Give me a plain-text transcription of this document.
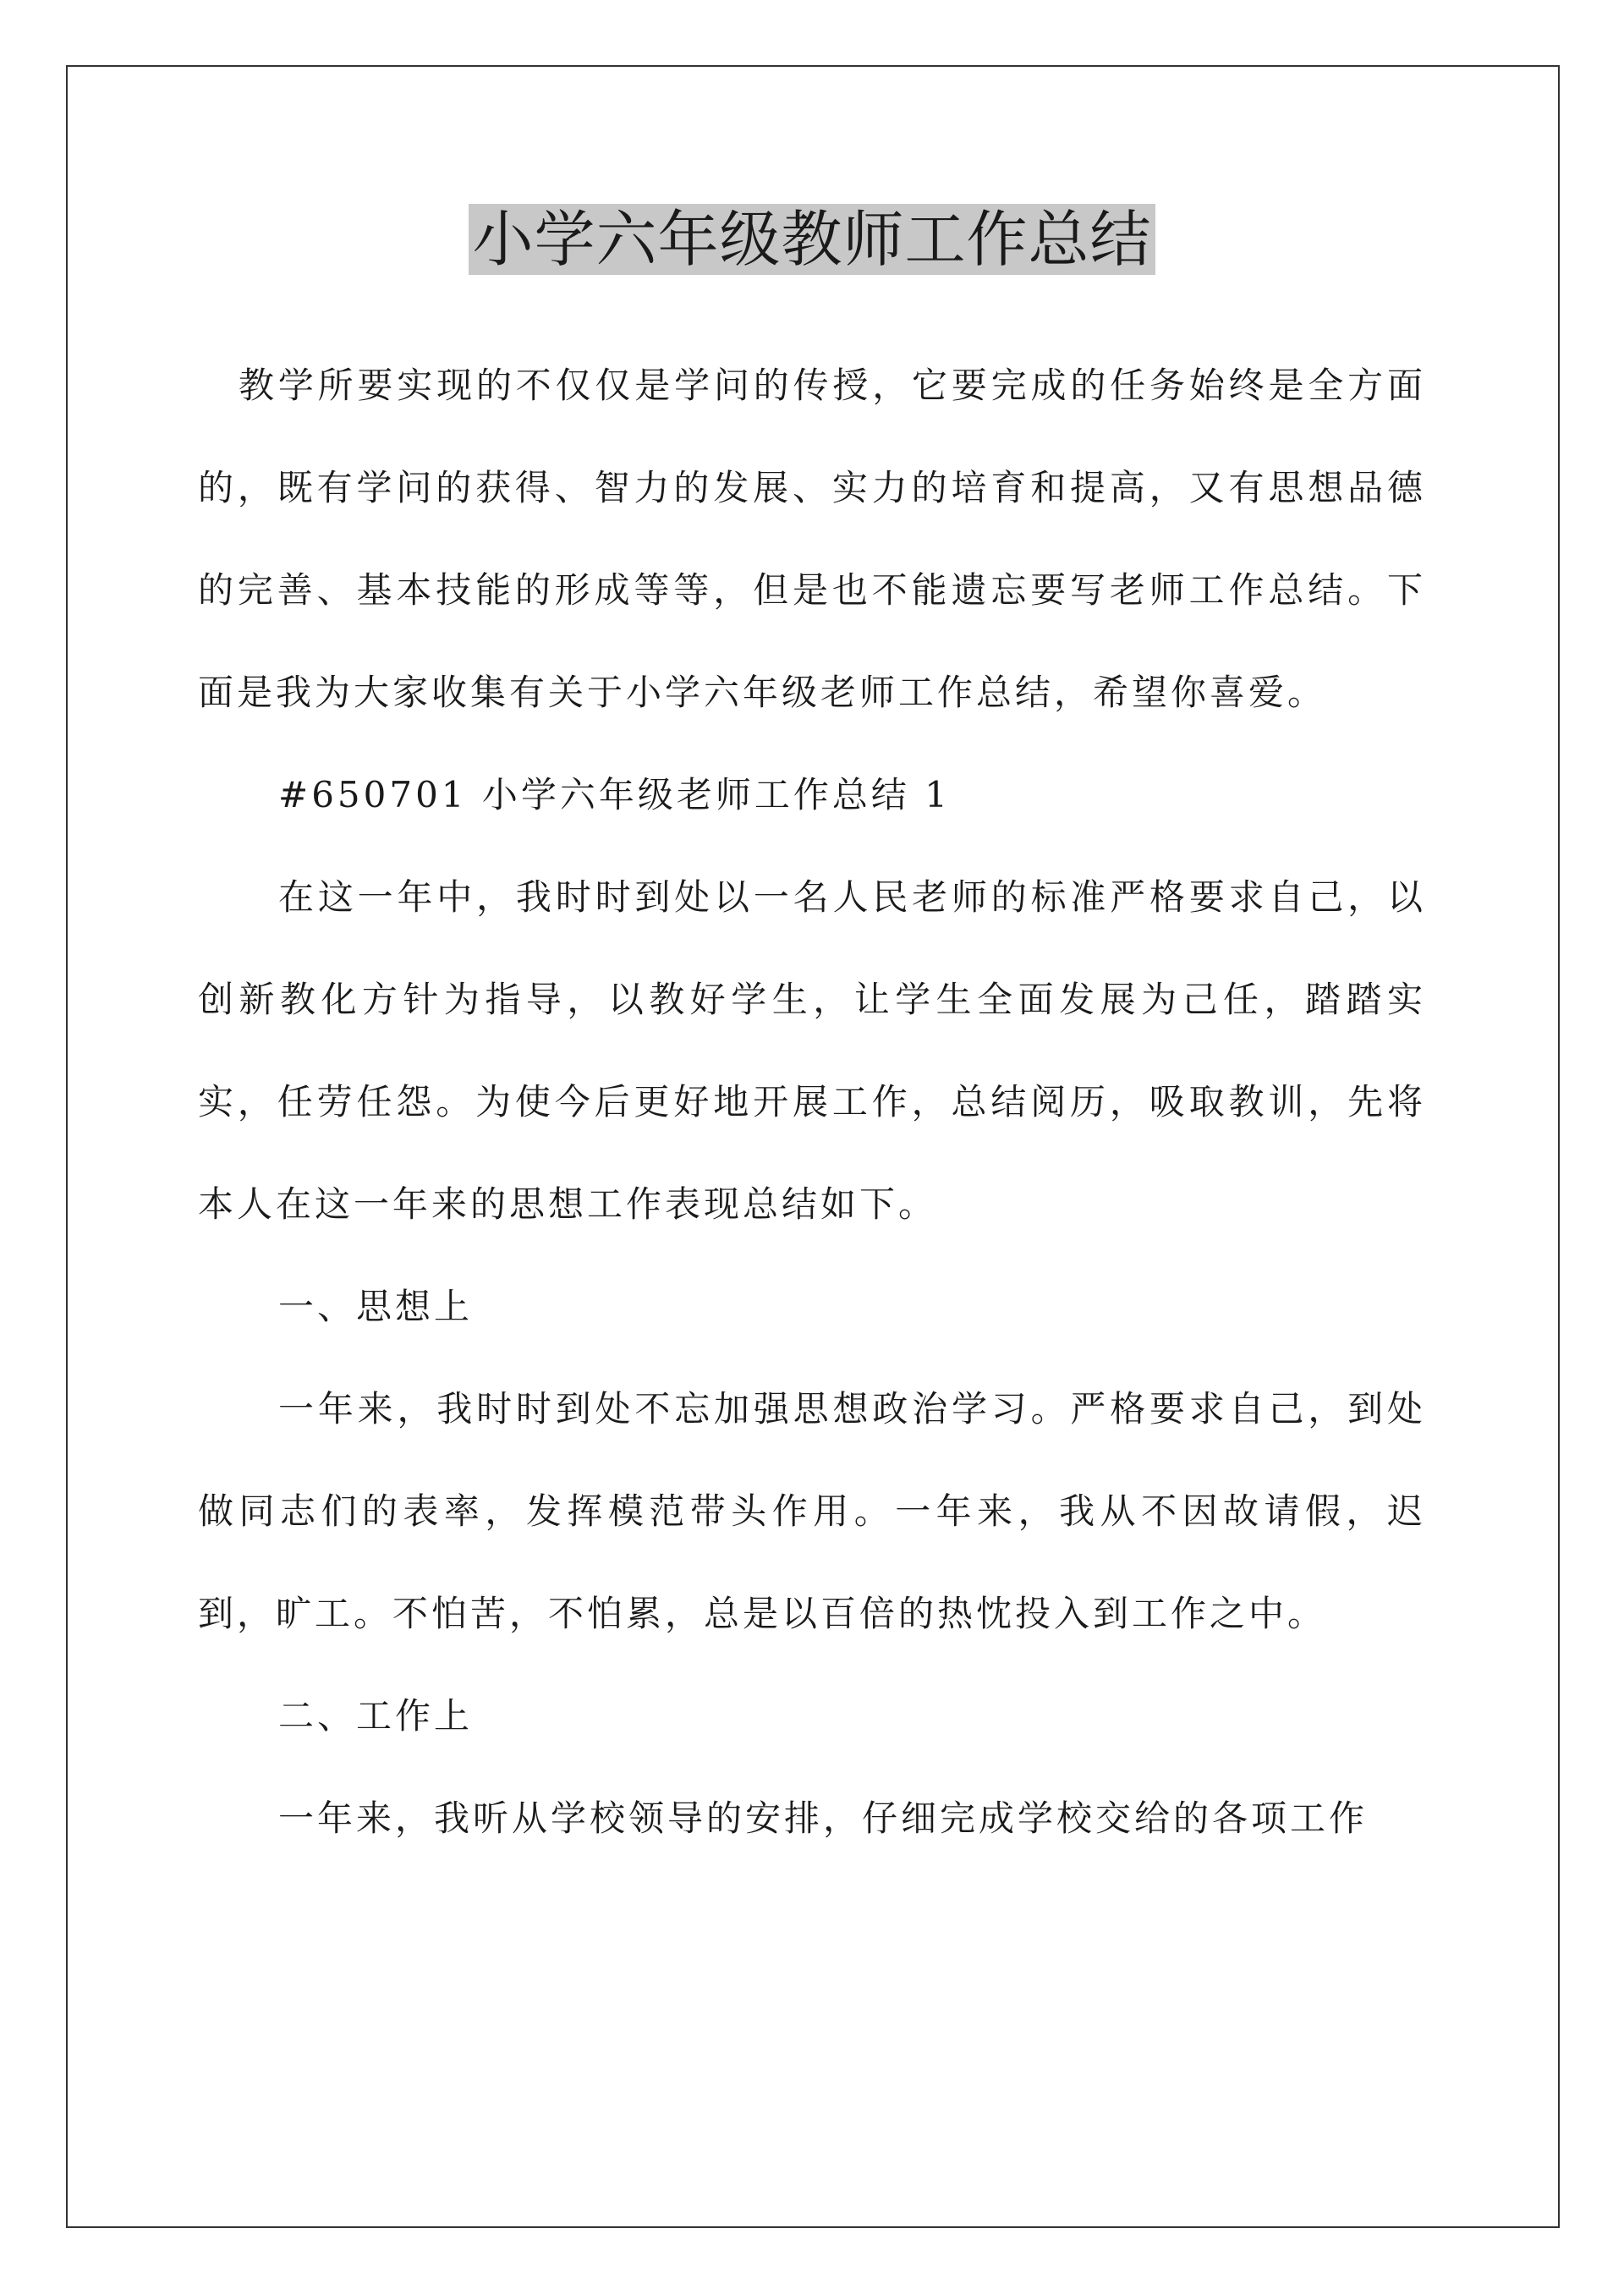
小学六年级教师工作总结

教学所要实现的不仅仅是学问的传授，它要完成的任务始终是全方面的，既有学问的获得、智力的发展、实力的培育和提高，又有思想品德的完善、基本技能的形成等等，但是也不能遗忘要写老师工作总结。下面是我为大家收集有关于小学六年级老师工作总结，希望你喜爱。

#650701 小学六年级老师工作总结 1

在这一年中，我时时到处以一名人民老师的标准严格要求自己，以创新教化方针为指导，以教好学生，让学生全面发展为己任，踏踏实实，任劳任怨。为使今后更好地开展工作，总结阅历，吸取教训，先将本人在这一年来的思想工作表现总结如下。

一、思想上

一年来，我时时到处不忘加强思想政治学习。严格要求自己，到处做同志们的表率，发挥模范带头作用。一年来，我从不因故请假，迟到，旷工。不怕苦，不怕累，总是以百倍的热忱投入到工作之中。

二、工作上

一年来，我听从学校领导的安排，仔细完成学校交给的各项工作
